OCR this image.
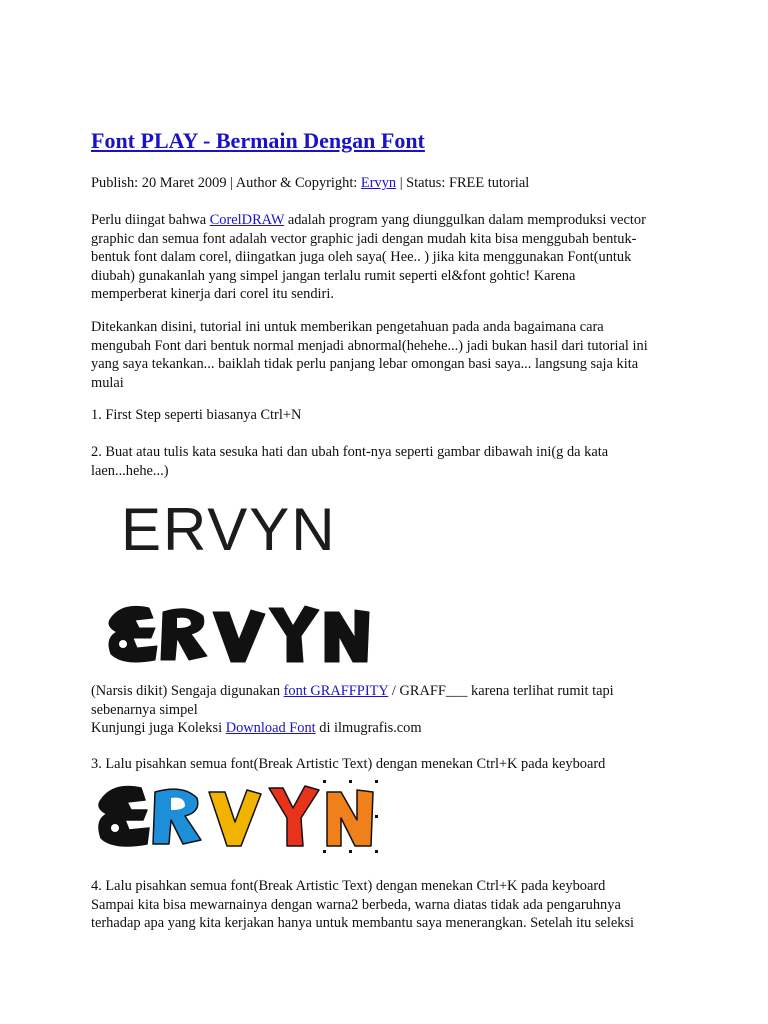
Font PLAY - Bermain Dengan Font

Publish: 20 Maret 2009 | Author & Copyright: Ervyn | Status: FREE tutorial

Perlu diingat bahwa CorelDRAW adalah program yang diunggulkan dalam memproduksi vector
graphic dan semua font adalah vector graphic jadi dengan mudah kita bisa menggubah bentuk-
bentuk font dalam corel, diingatkan juga oleh saya( Hee.. ) jika kita menggunakan Font(untuk
diubah) gunakanlah yang simpel jangan terlalu rumit seperti el&font gohtic! Karena
memperberat kinerja dari corel itu sendiri.

Ditekankan disini, tutorial ini untuk memberikan pengetahuan pada anda bagaimana cara
mengubah Font dari bentuk normal menjadi abnormal(hehehe...) jadi bukan hasil dari tutorial ini
yang saya tekankan... baiklah tidak perlu panjang lebar omongan basi saya... langsung saja kita
mulai

1. First Step seperti biasanya Ctrl+N

2. Buat atau tulis kata sesuka hati dan ubah font-nya seperti gambar dibawah ini(g da kata
laen...hehe...)

ERVYN

(Narsis dikit) Sengaja digunakan font GRAFFPITY / GRAFF___ karena terlihat rumit tapi
sebenarnya simpel
Kunjungi juga Koleksi Download Font di ilmugrafis.com

3. Lalu pisahkan semua font(Break Artistic Text) dengan menekan Ctrl+K pada keyboard

4. Lalu pisahkan semua font(Break Artistic Text) dengan menekan Ctrl+K pada keyboard
Sampai kita bisa mewarnainya dengan warna2 berbeda, warna diatas tidak ada pengaruhnya
terhadap apa yang kita kerjakan hanya untuk membantu saya menerangkan. Setelah itu seleksi
